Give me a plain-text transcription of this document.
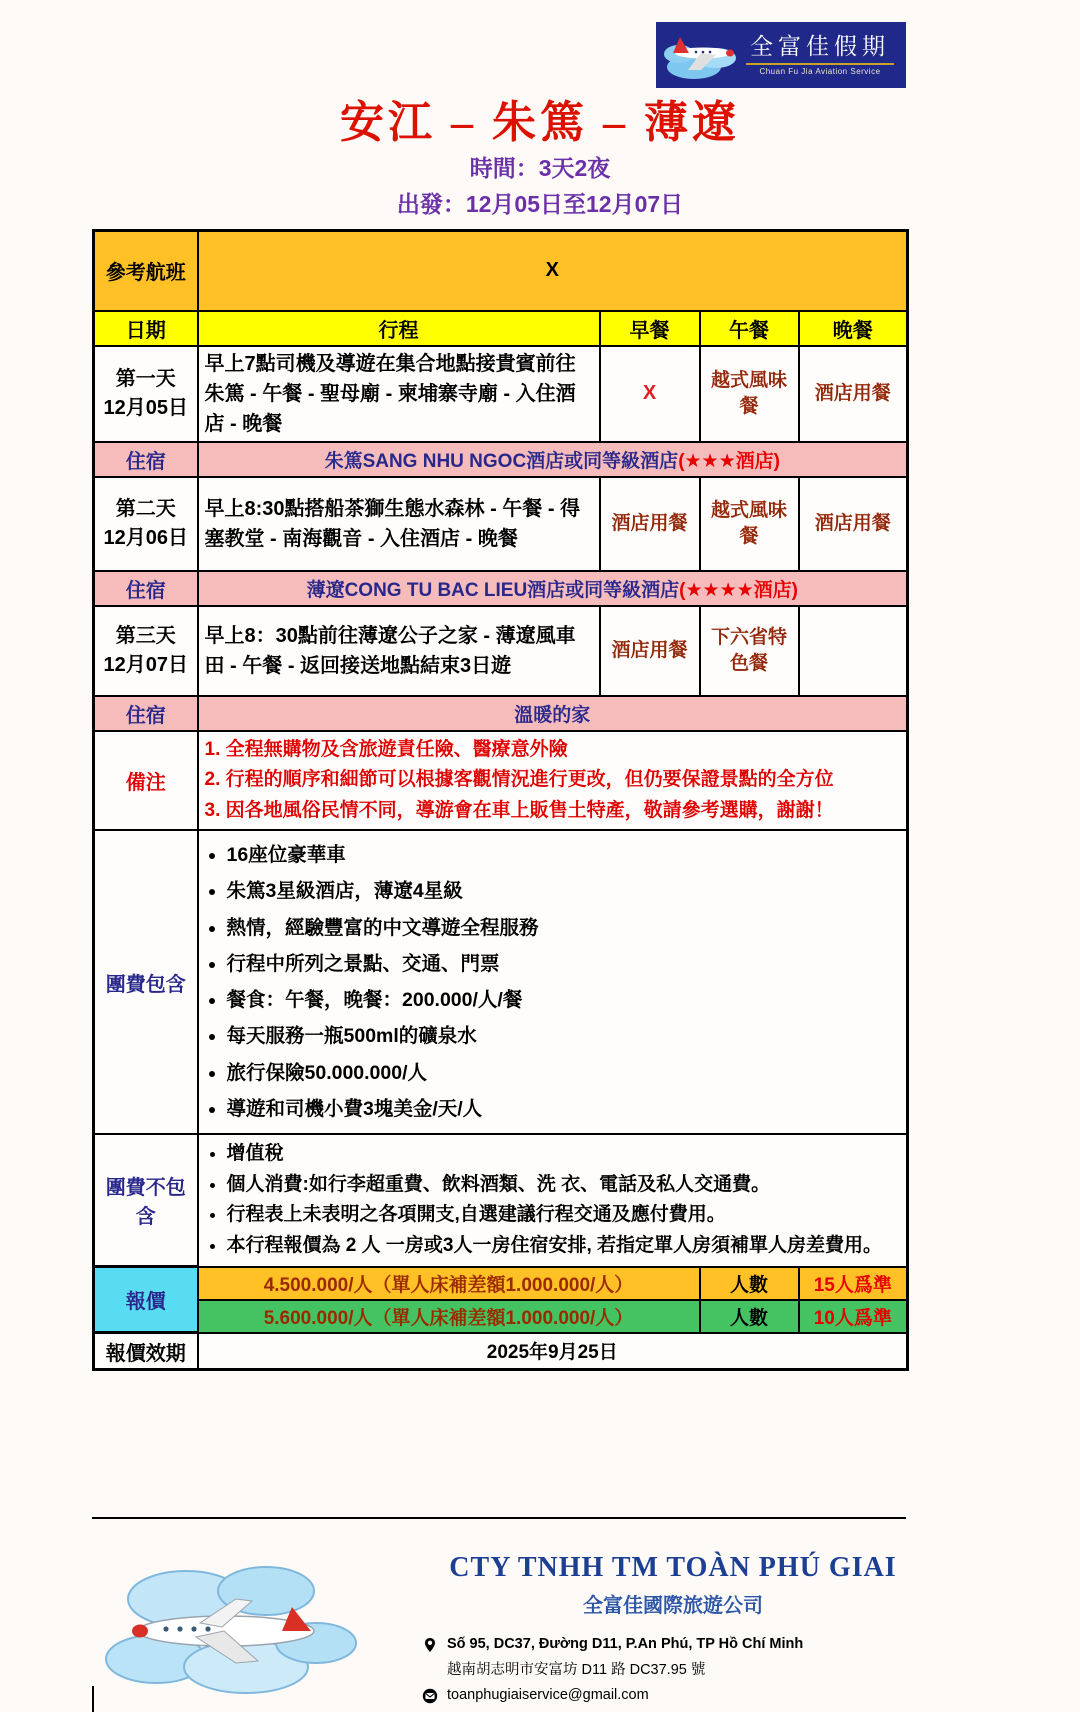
全富佳假期
Chuan Fu Jia Aviation Service
安江 – 朱篤 – 薄遼
時間：3天2夜
出發：12月05日至12月07日
參考航班	X			
日期	行程	早餐	午餐	晚餐

第一天
12月05日	早上7點司機及導遊在集合地點接貴賓前往朱篤 - 午餐 - 聖母廟 - 柬埔寨寺廟 - 入住酒店 - 晚餐	X	越式風味餐	酒店用餐
住宿	朱篤SANG NHU NGOC酒店或同等級酒店(★★★酒店)			

第二天
12月06日	早上8:30點搭船茶獅生態水森林 - 午餐 - 得塞教堂 - 南海觀音 - 入住酒店 - 晚餐	酒店用餐	越式風味餐	酒店用餐
住宿	薄遼CONG TU BAC LIEU酒店或同等級酒店(★★★★酒店)			

第三天
12月07日	早上8：30點前往薄遼公子之家 - 薄遼風車田 - 午餐 - 返回接送地點結束3日遊	酒店用餐	下六省特色餐	
住宿	溫暖的家			
備注	1. 全程無購物及含旅遊責任險、醫療意外險
2. 行程的順序和細節可以根據客觀情況進行更改，但仍要保證景點的全方位
3. 因各地風俗民情不同，導游會在車上販售土特產，敬請參考選購，謝謝！			

團費包含	
• 16座位豪華車
• 朱篤3星級酒店，薄遼4星級
• 熱情，經驗豐富的中文導遊全程服務
• 行程中所列之景點、交通、門票
• 餐食：午餐，晚餐：200.000/人/餐
• 每天服務一瓶500ml的礦泉水
• 旅行保險50.000.000/人
• 導遊和司機小費3塊美金/天/人

團費不包含	
• 增值稅
• 個人消費:如行李超重費、飲料酒類、洗 衣、電話及私人交通費。
• 行程表上未表明之各項開支,自選建議行程交通及應付費用。
• 本行程報價為 2 人 一房或3人一房住宿安排, 若指定單人房須補單人房差費用。

報價	4.500.000/人（單人床補差額1.000.000/人）		人數	15人爲準
	5.600.000/人（單人床補差額1.000.000/人）		人數	10人爲準
報價效期	2025年9月25日			
CTY TNHH TM TOÀN PHÚ GIAI
全富佳國際旅遊公司
Số 95, DC37, Đường D11, P.An Phú, TP Hồ Chí Minh
越南胡志明市安富坊 D11 路 DC37.95 號
toanphugiaiservice@gmail.com
